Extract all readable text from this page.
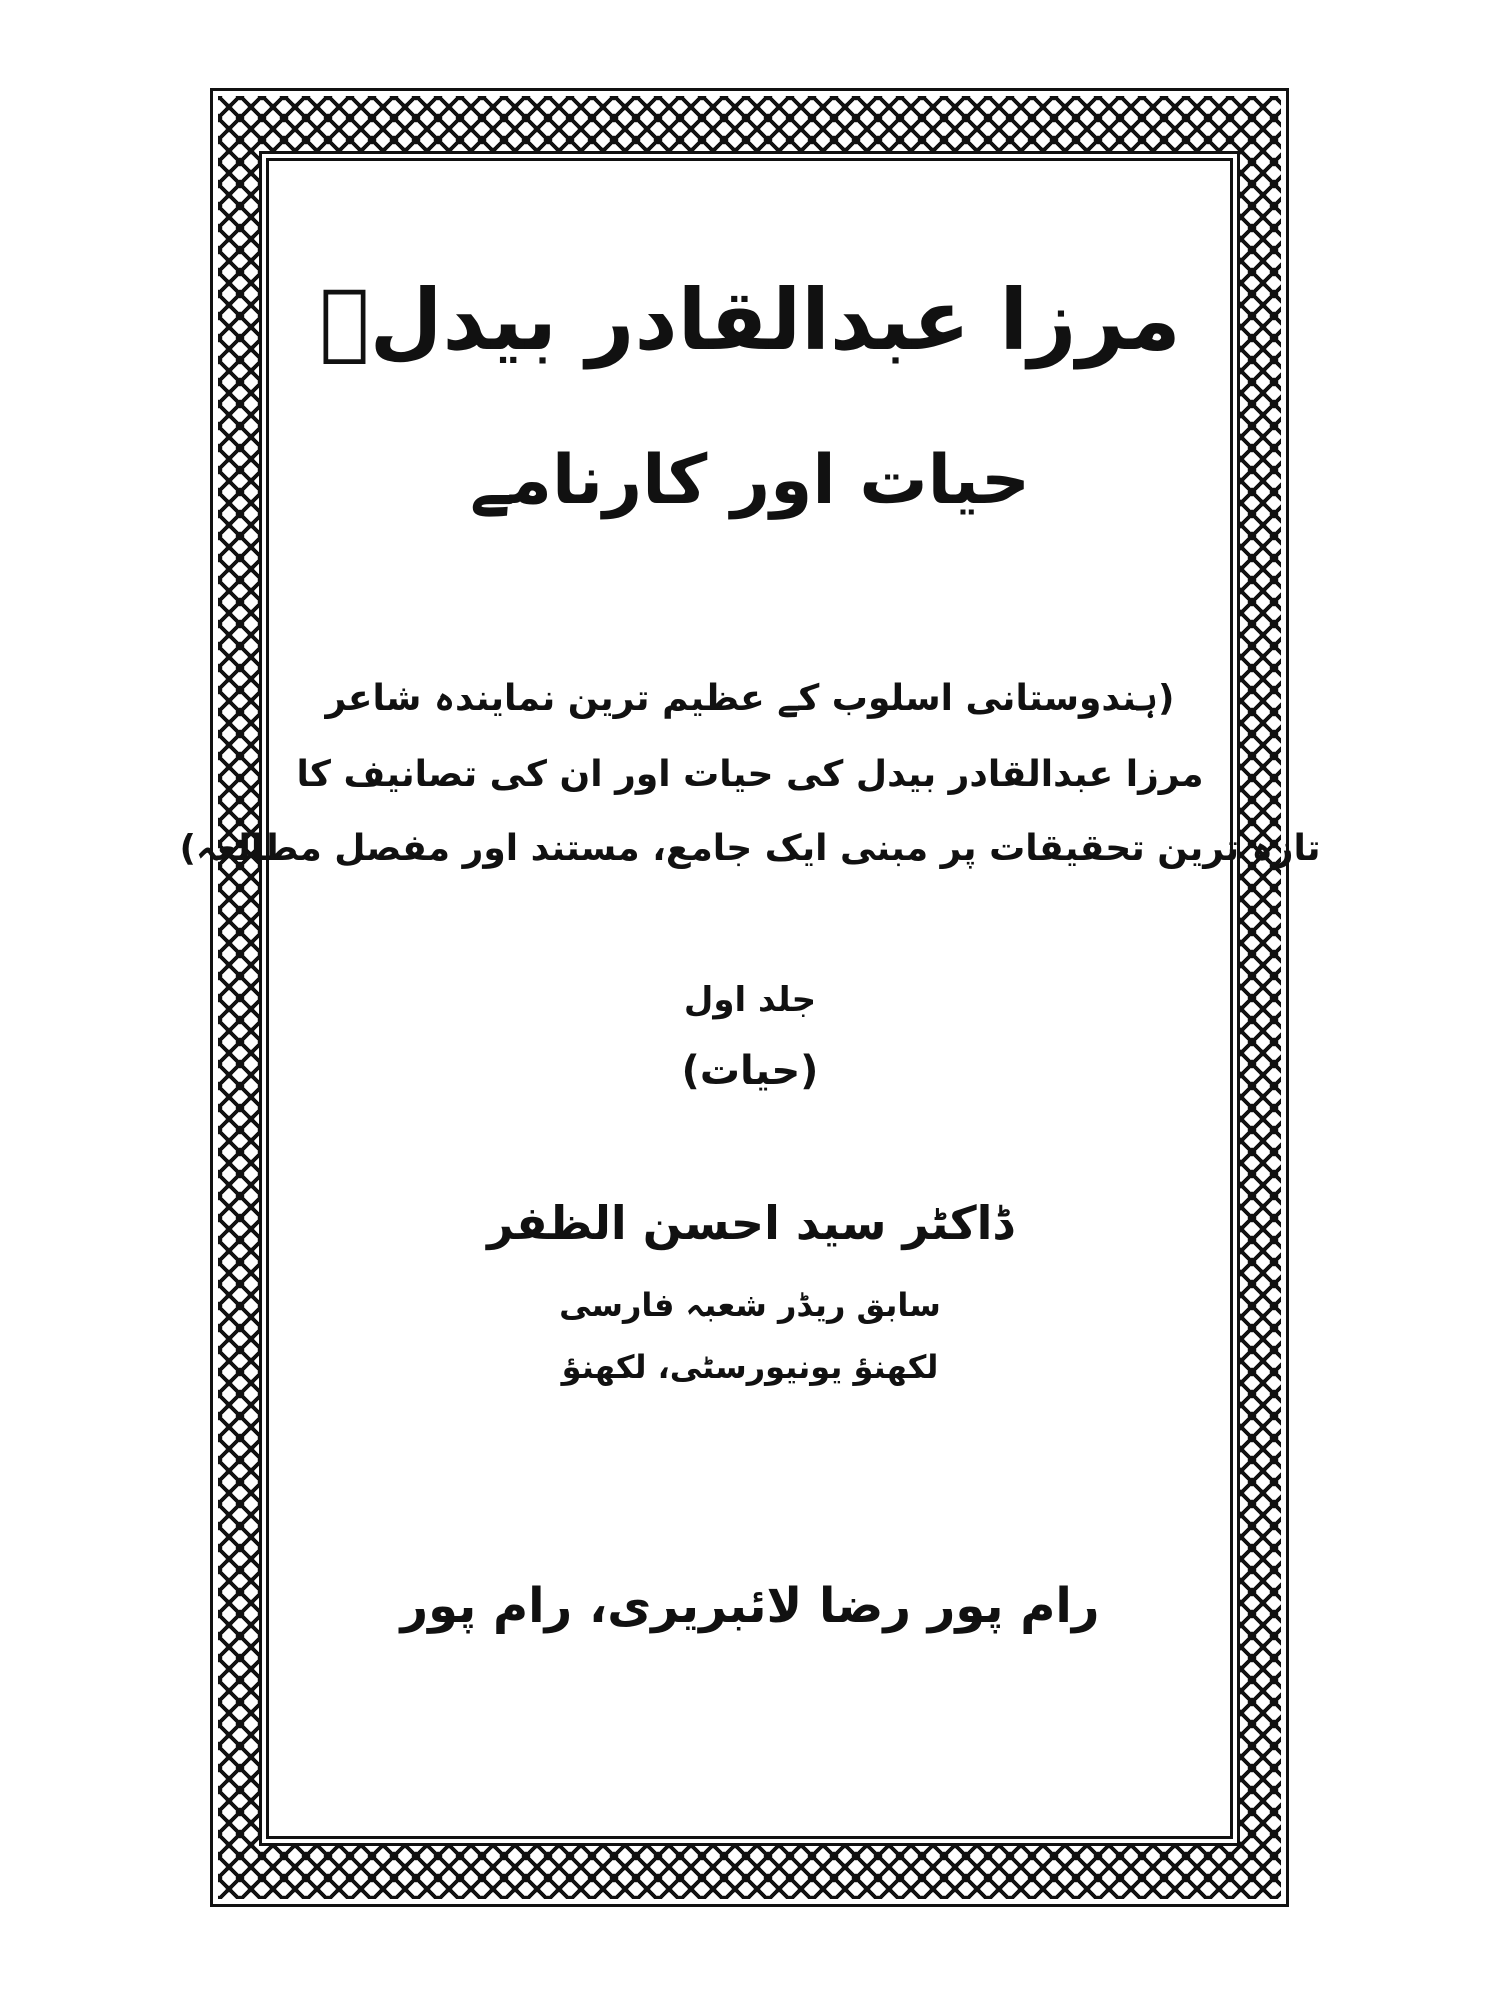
مرزا عبدالقادر بیدلؔ
حیات اور کارنامے
(ہندوستانی اسلوب کے عظیم ترین نمایندہ شاعر
مرزا عبدالقادر بیدل کی حیات اور ان کی تصانیف کا
تازہ ترین تحقیقات پر مبنی ایک جامع، مستند اور مفصل مطالعہ)
جلد اول
(حیات)
ڈاکٹر سید احسن الظفر
سابق ریڈر شعبہ فارسی
لکھنؤ یونیورسٹی، لکھنؤ
رام پور رضا لائبریری، رام پور
